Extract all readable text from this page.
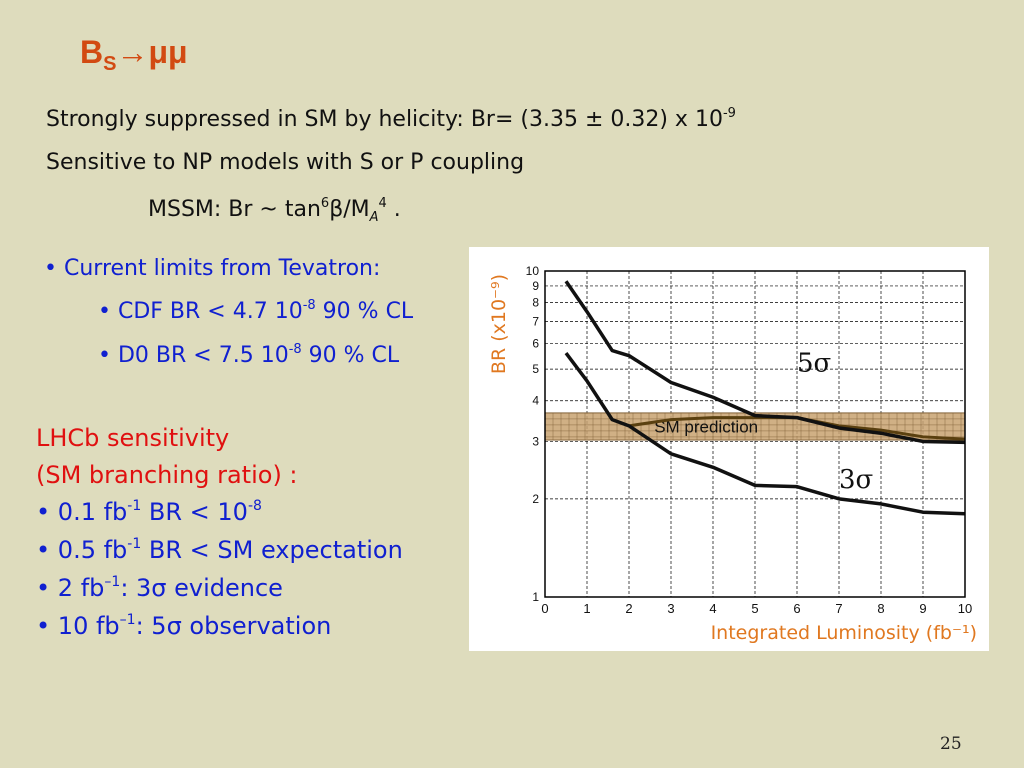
$B_S\to\mu\mu$
Strongly suppressed in SM by helicity: Br= (3.35 ± 0.32) x $10^{-9}$
Sensitive to NP models with S or P coupling
MSSM: Br ~ $\tan^6\beta/M_A^4$ .
• Current limits from Tevatron:
• CDF BR < 4.7 $10^{-8}$ 90 % CL
• D0 BR < 7.5 $10^{-8}$ 90 % CL
LHCb sensitivity
(SM branching ratio) :
• 0.1 $fb^{-1}$ BR < $10^{-8}$
• 0.5 $fb^{-1}$ BR < SM expectation
• 2 $fb^{-1}$: 3σ evidence
• 10 $fb^{-1}$: 5σ observation
SM prediction
5σ
3σ
0	1	2	3	4	5	6	7	8	9 10
1
2
3
4
5
6
7
8
9
10
Integrated Luminosity (fb⁻¹)
BR (x10⁻⁹)
25
